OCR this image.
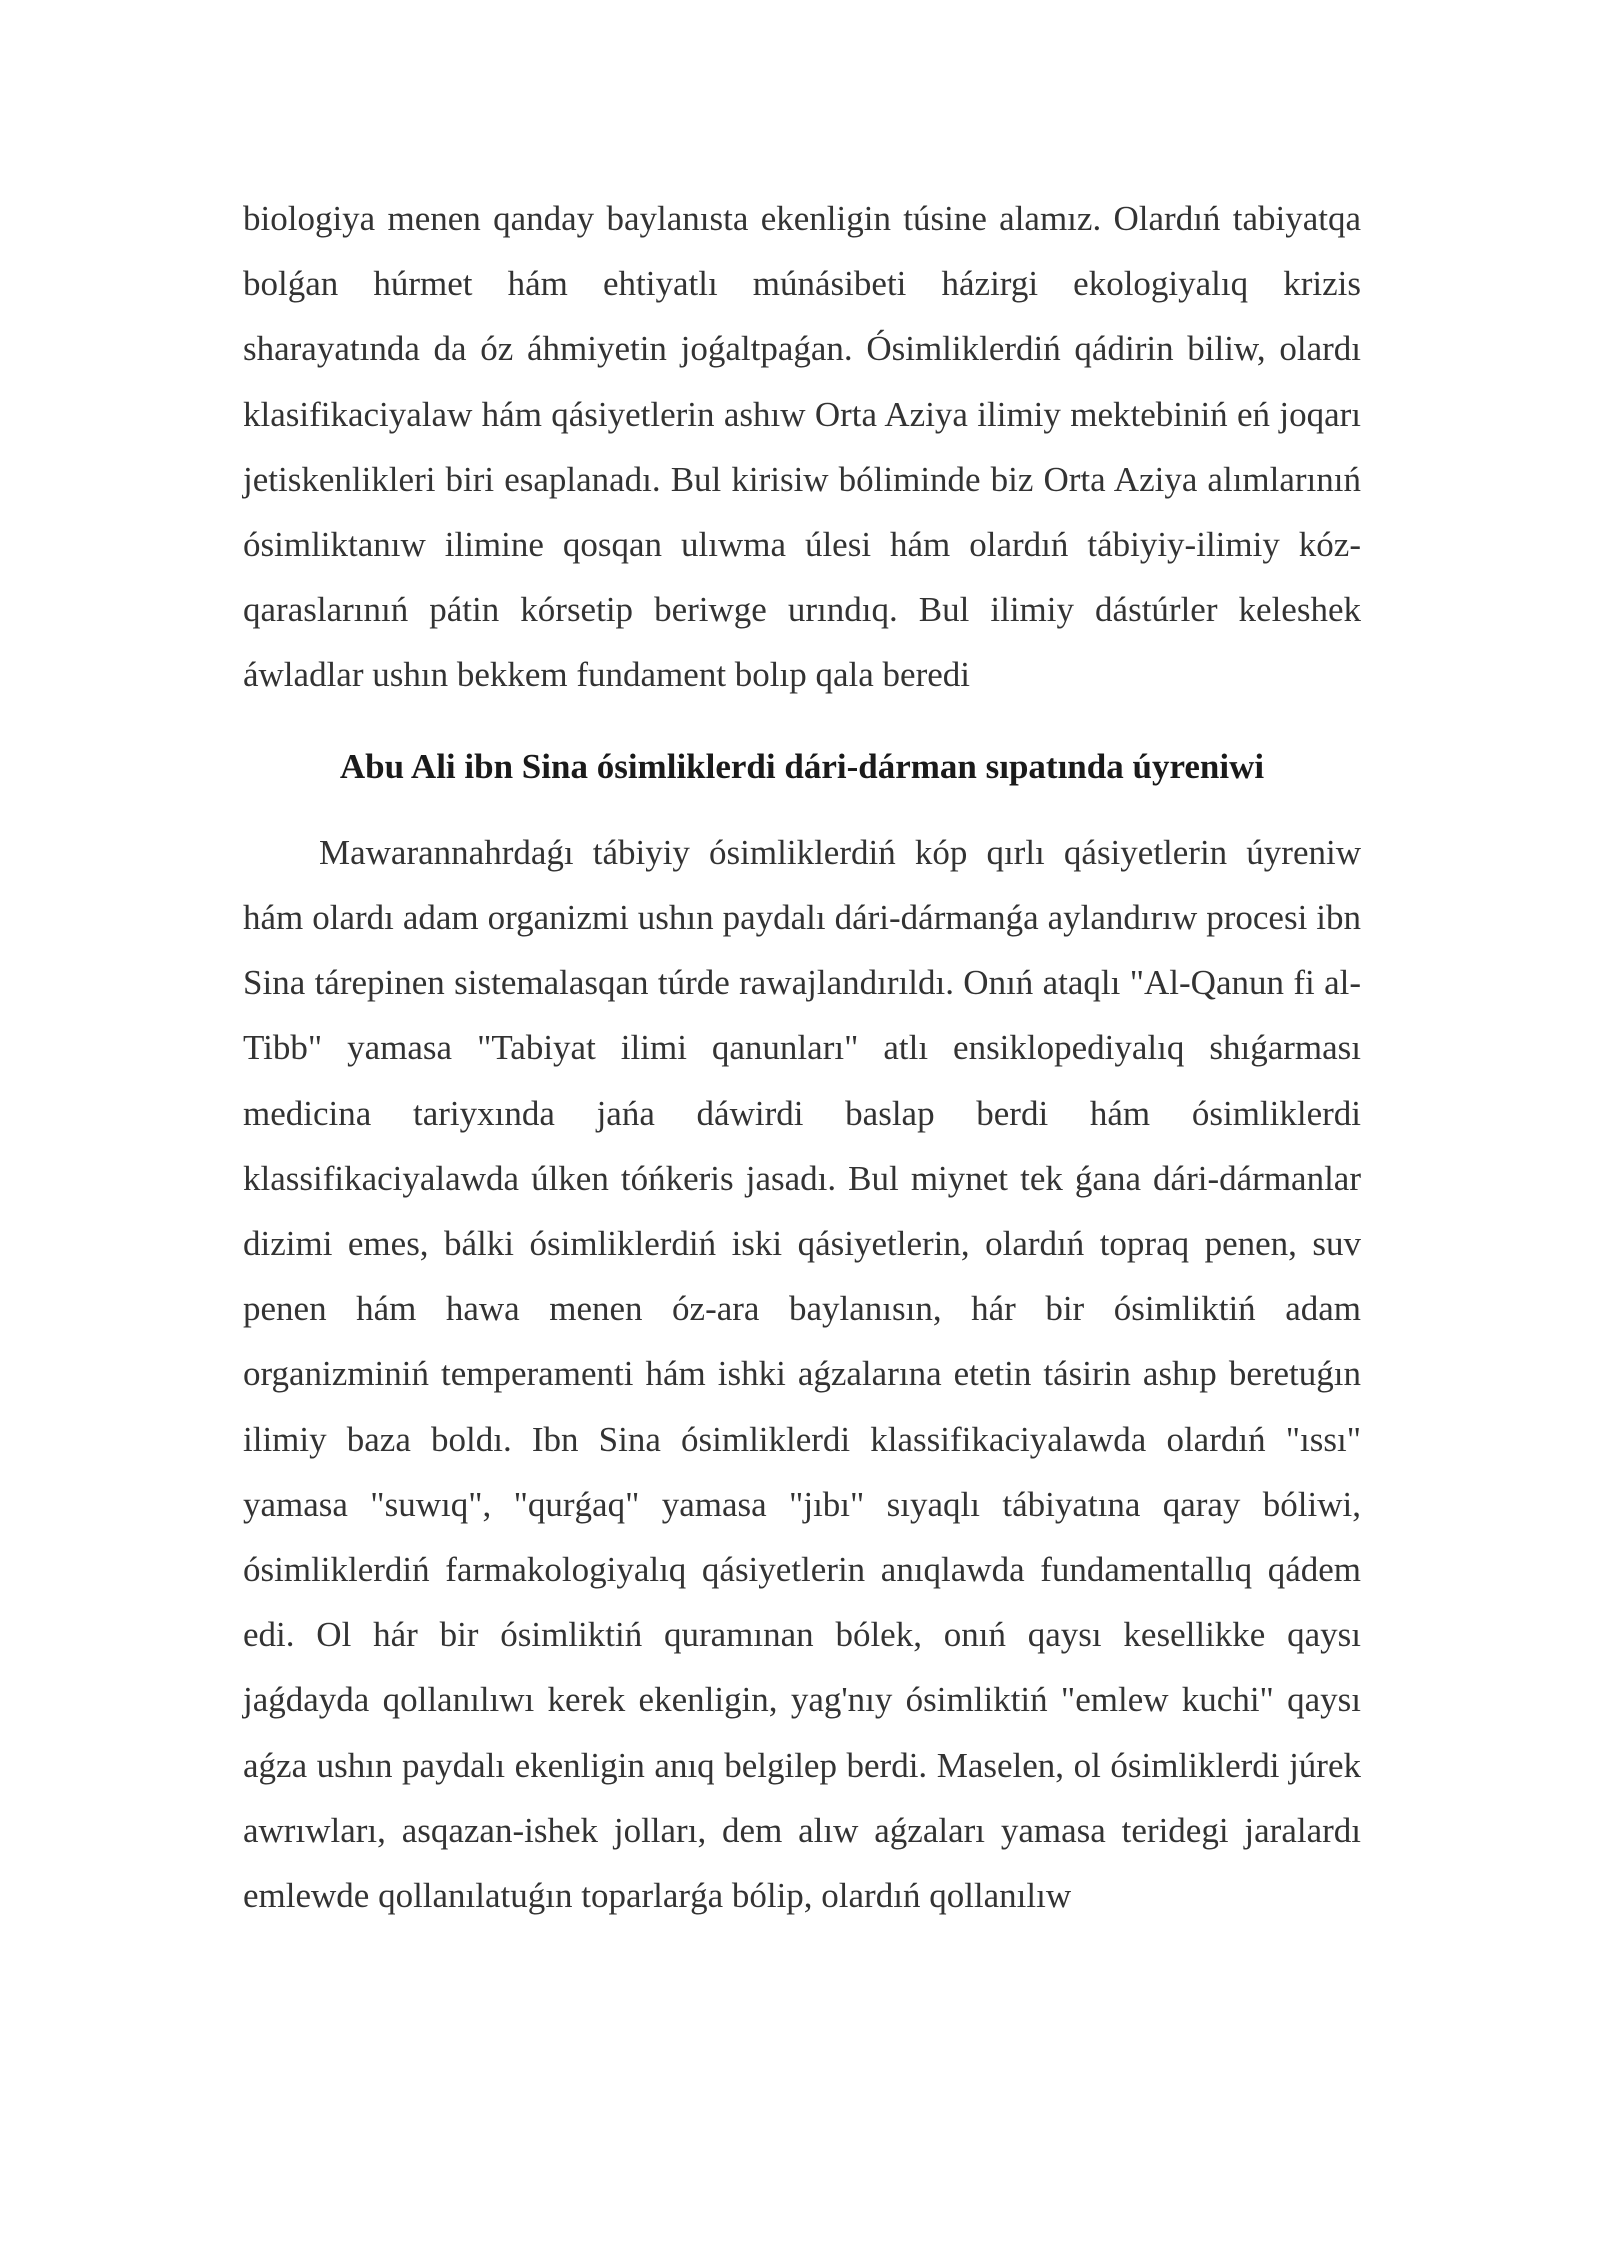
biologiya menen qanday baylanısta ekenligin túsine alamız. Olardıń tabiyatqa bolǵan húrmet hám ehtiyatlı múnásibeti házirgi ekologiyalıq krizis sharayatında da óz áhmiyetin joǵaltpaǵan. Ósimliklerdiń qádirin biliw, olardı klasifikaciyalaw hám qásiyetlerin ashıw Orta Aziya ilimiy mektebiniń eń joqarı jetiskenlikleri biri esaplanadı. Bul kirisiw bóliminde biz Orta Aziya alımlarınıń ósimliktanıw ilimine qosqan ulıwma úlesi hám olardıń tábiyiy-ilimiy kóz-qaraslarınıń pátin kórsetip beriwge urındıq. Bul ilimiy dástúrler keleshek áwladlar ushın bekkem fundament bolıp qala beredi

Abu Ali ibn Sina ósimliklerdi dári-dárman sıpatında úyreniwi

Mawarannahrdaǵı tábiyiy ósimliklerdiń kóp qırlı qásiyetlerin úyreniw hám olardı adam organizmi ushın paydalı dári-dármanǵa aylandırıw procesi ibn Sina tárepinen sistemalasqan túrde rawajlandırıldı. Onıń ataqlı "Al-Qanun fi al-Tibb" yamasa "Tabiyat ilimi qanunları" atlı ensiklopediyalıq shıǵarması medicina tariyxında jańa dáwirdi baslap berdi hám ósimliklerdi klassifikaciyalawda úlken tóńkeris jasadı. Bul miynet tek ǵana dári-dármanlar dizimi emes, bálki ósimliklerdiń iski qásiyetlerin, olardıń topraq penen, suv penen hám hawa menen óz-ara baylanısın, hár bir ósimliktiń adam organizminiń temperamenti hám ishki aǵzalarına etetin tásirin ashıp beretuǵın ilimiy baza boldı. Ibn Sina ósimliklerdi klassifikaciyalawda olardıń "ıssı" yamasa "suwıq", "qurǵaq" yamasa "jıbı" sıyaqlı tábiyatına qaray bóliwi, ósimliklerdiń farmakologiyalıq qásiyetlerin anıqlawda fundamentallıq qádem edi. Ol hár bir ósimliktiń quramınan bólek, onıń qaysı kesellikke qaysı jaǵdayda qollanılıwı kerek ekenligin, yag'nıy ósimliktiń "emlew kuchi" qaysı aǵza ushın paydalı ekenligin anıq belgilep berdi. Maselen, ol ósimliklerdi júrek awrıwları, asqazan-ishek jolları, dem alıw aǵzaları yamasa teridegi jaralardı emlewde qollanılatuǵın toparlarǵa bólip, olardıń qollanılıw
